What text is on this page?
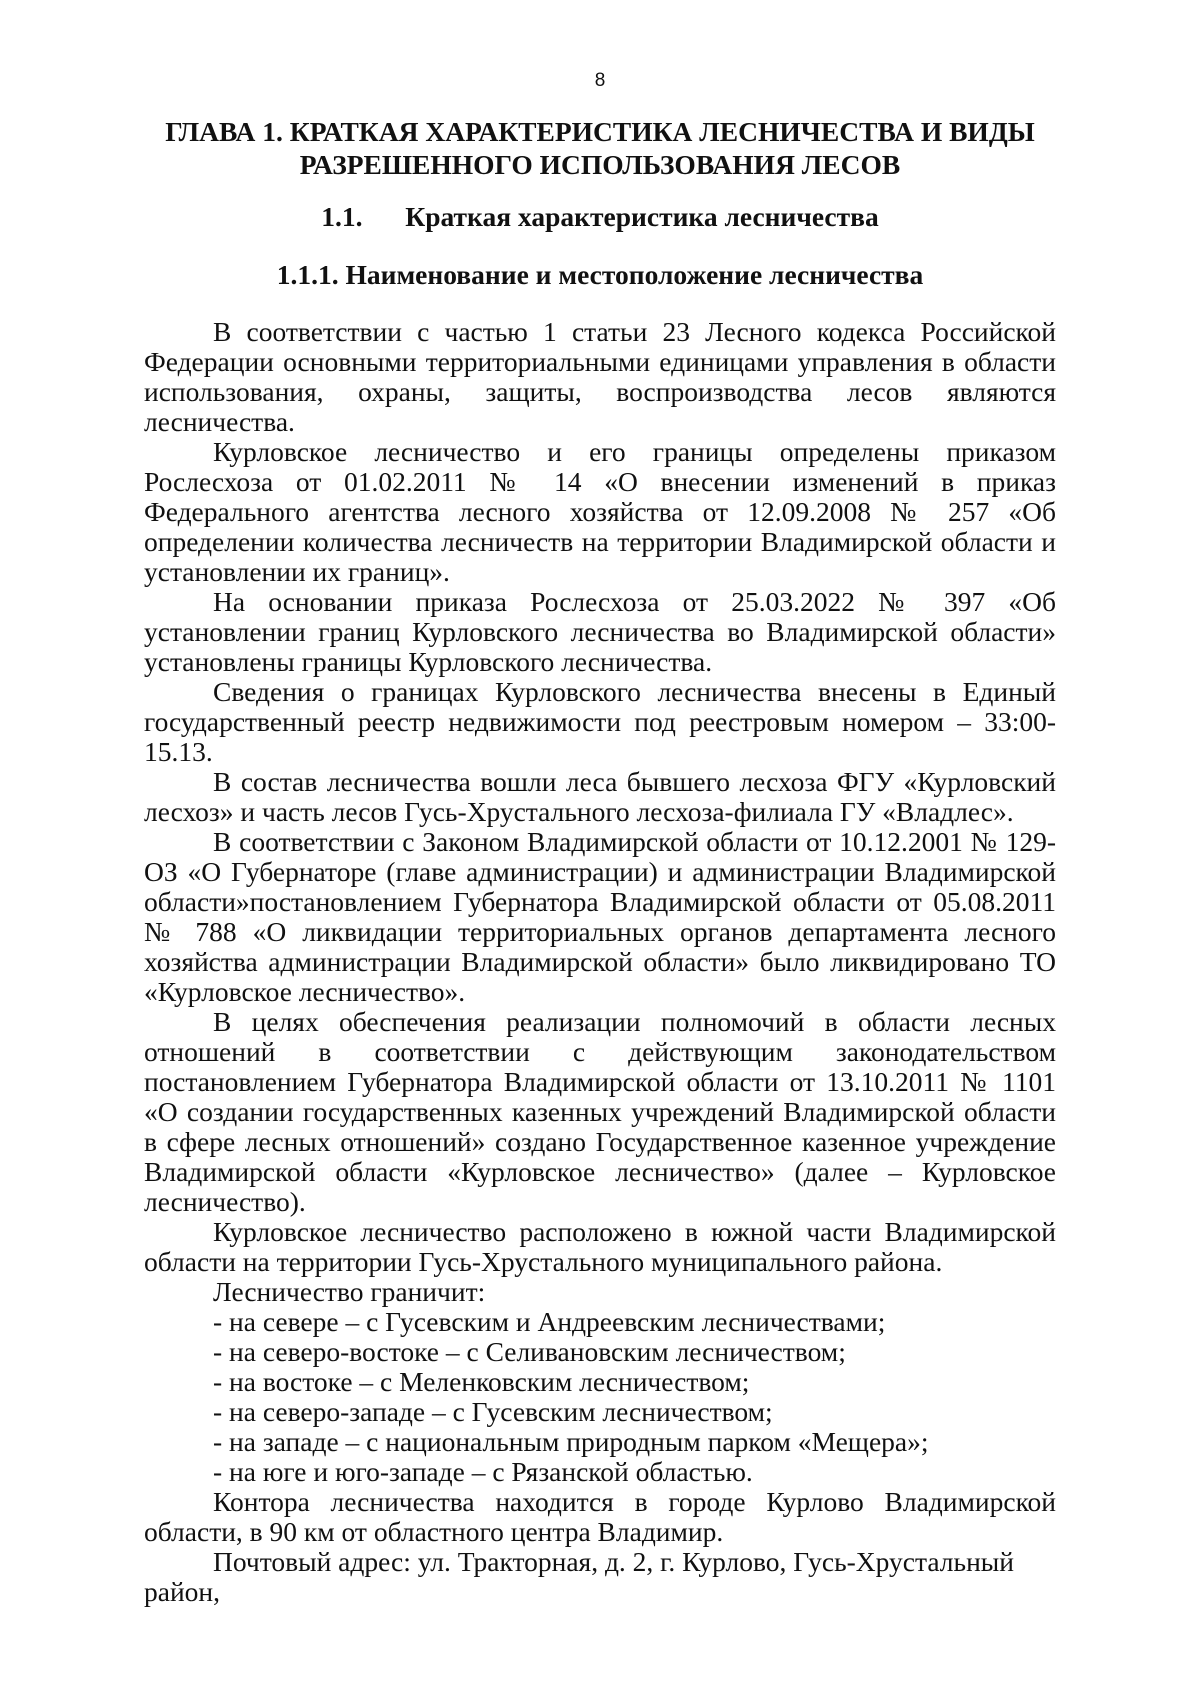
8
ГЛАВА 1. КРАТКАЯ ХАРАКТЕРИСТИКА ЛЕСНИЧЕСТВА И ВИДЫ РАЗРЕШЕННОГО ИСПОЛЬЗОВАНИЯ ЛЕСОВ
1.1. Краткая характеристика лесничества
1.1.1. Наименование и местоположение лесничества

В соответствии с частью 1 статьи 23 Лесного кодекса Российской Федерации основными территориальными единицами управления в области использования, охраны, защиты, воспроизводства лесов являются лесничества.

Курловское лесничество и его границы определены приказом Рослесхоза от 01.02.2011 № 14 «О внесении изменений в приказ Федерального агентства лесного хозяйства от 12.09.2008 № 257 «Об определении количества лесничеств на территории Владимирской области и установлении их границ».

На основании приказа Рослесхоза от 25.03.2022 № 397 «Об установлении границ Курловского лесничества во Владимирской области» установлены границы Курловского лесничества.

Сведения о границах Курловского лесничества внесены в Единый государственный реестр недвижимости под реестровым номером – 33:00-15.13.

В состав лесничества вошли леса бывшего лесхоза ФГУ «Курловский лесхоз» и часть лесов Гусь-Хрустального лесхоза-филиала ГУ «Владлес».

В соответствии с Законом Владимирской области от 10.12.2001 № 129-ОЗ «О Губернаторе (главе администрации) и администрации Владимирской области»постановлением Губернатора Владимирской области от 05.08.2011 № 788 «О ликвидации территориальных органов департамента лесного хозяйства администрации Владимирской области» было ликвидировано ТО «Курловское лесничество».

В целях обеспечения реализации полномочий в области лесных отношений в соответствии с действующим законодательством постановлением Губернатора Владимирской области от 13.10.2011 № 1101 «О создании государственных казенных учреждений Владимирской области в сфере лесных отношений» создано Государственное казенное учреждение Владимирской области «Курловское лесничество» (далее – Курловское лесничество).

Курловское лесничество расположено в южной части Владимирской области на территории Гусь-Хрустального муниципального района.

Лесничество граничит:

- на севере – с Гусевским и Андреевским лесничествами;
- на северо-востоке – с Селивановским лесничеством;
- на востоке – с Меленковским лесничеством;
- на северо-западе – с Гусевским лесничеством;
- на западе – с национальным природным парком «Мещера»;
- на юге и юго-западе – с Рязанской областью.

Контора лесничества находится в городе Курлово Владимирской области, в 90 км от областного центра Владимир.

Почтовый адрес: ул. Тракторная, д. 2, г. Курлово, Гусь-Хрустальный район,
